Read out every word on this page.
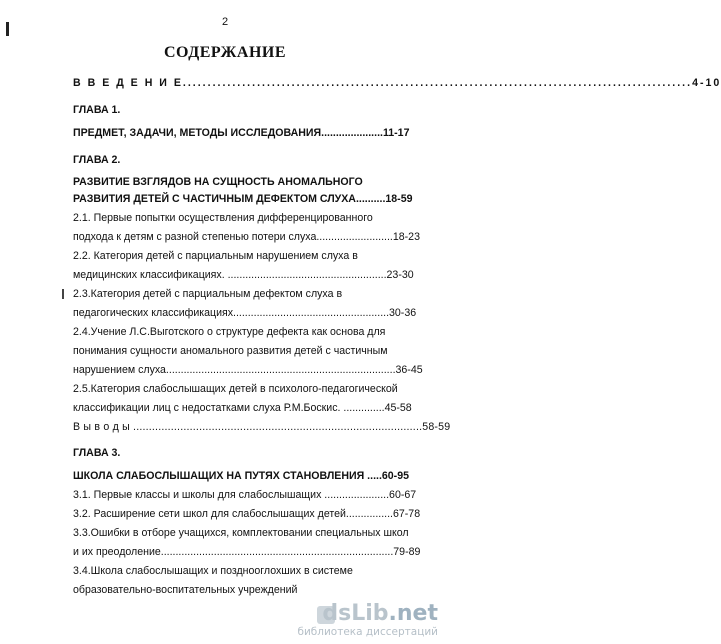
2
СОДЕРЖАНИЕ
В В Е Д Е Н И Е.......................................................................................................4-10
ГЛАВА 1.
ПРЕДМЕТ, ЗАДАЧИ, МЕТОДЫ ИССЛЕДОВАНИЯ.....................11-17
ГЛАВА 2.
РАЗВИТИЕ ВЗГЛЯДОВ НА СУЩНОСТЬ АНОМАЛЬНОГО
РАЗВИТИЯ ДЕТЕЙ С ЧАСТИЧНЫМ ДЕФЕКТОМ СЛУХА..........18-59
2.1. Первые попытки осуществления дифференцированного
подхода к детям с разной степенью потери слуха..........................18-23
2.2. Категория детей с парциальным нарушением слуха в
медицинских классификациях. ......................................................23-30
2.3.Категория детей с парциальным дефектом слуха в
педагогических классификациях.....................................................30-36
2.4.Учение Л.С.Выготского о структуре дефекта как основа для
понимания сущности аномального развития детей с частичным
нарушением слуха..............................................................................36-45
2.5.Категория слабослышащих детей в психолого-педагогической
классификации лиц с недостатками слуха Р.М.Боскис. ..............45-58
В ы в о д ы ............................................................................................58-59
ГЛАВА 3.
ШКОЛА СЛАБОСЛЫШАЩИХ НА ПУТЯХ СТАНОВЛЕНИЯ .....60-95
3.1. Первые классы и школы для слабослышащих ......................60-67
3.2. Расширение сети школ для слабослышащих детей................67-78
3.3.Ошибки в отборе учащихся, комплектовании специальных школ
и их преодоление...............................................................................79-89
3.4.Школа слабослышащих и позднооглохших в системе
образовательно-воспитательных учреждений
dsLib.net
библиотека диссертаций
